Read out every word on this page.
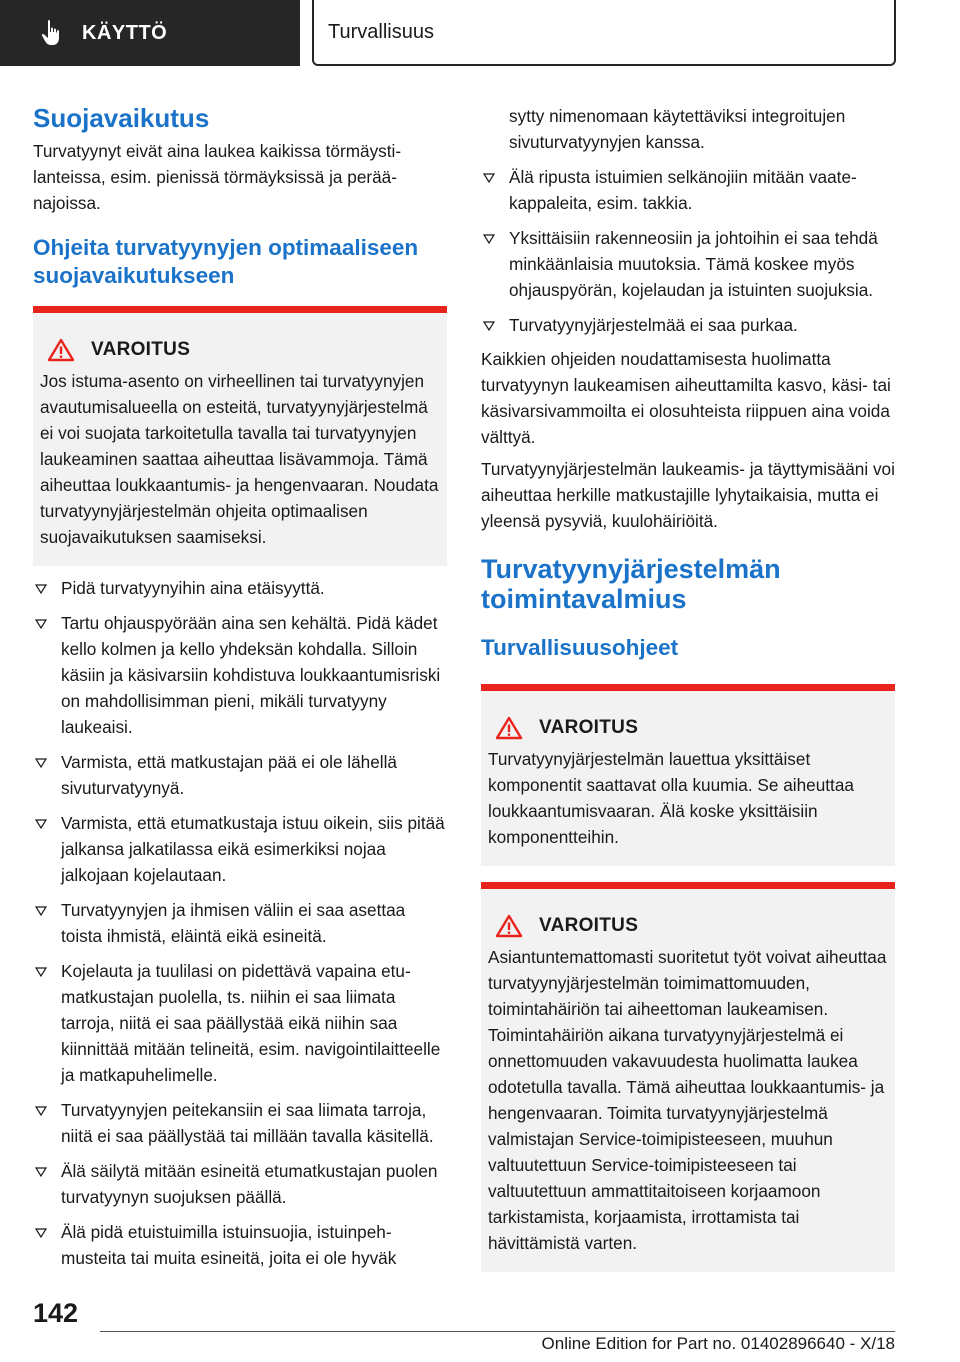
KÄYTTÖ	Turvallisuus
Suojavaikutus

Turvatyynyt eivät aina laukea kaikissa törmäystilanteissa, esim. pienissä törmäyksissä ja peräänajoissa.

Ohjeita turvatyynyjen optimaaliseen suojavaikutukseen
VAROITUS

Jos istuma-asento on virheellinen tai turvatyynyjen avautumisalueella on esteitä, turvatyynyjärjestelmä ei voi suojata tarkoitetulla tavalla tai turvatyynyjen laukeaminen saattaa aiheuttaa lisävammoja. Tämä aiheuttaa loukkaantumis- ja hengenvaaran. Noudata turvatyynyjärjestelmän ohjeita optimaalisen suojavaikutuksen saamiseksi.

Pidä turvatyynyihin aina etäisyyttä.
Tartu ohjauspyörään aina sen kehältä. Pidä kädet kello kolmen ja kello yhdeksän kohdalla. Silloin käsiin ja käsivarsiin kohdistuva loukkaantumisriski on mahdollisimman pieni, mikäli turvatyyny laukeaisi.
Varmista, että matkustajan pää ei ole lähellä sivuturvatyynyä.
Varmista, että etumatkustaja istuu oikein, siis pitää jalkansa jalkatilassa eikä esimerkiksi nojaa jalkojaan kojelautaan.
Turvatyynyjen ja ihmisen väliin ei saa asettaa toista ihmistä, eläintä eikä esineitä.
Kojelauta ja tuulilasi on pidettävä vapaina etumatkustajan puolella, ts. niihin ei saa liimata tarroja, niitä ei saa päällystää eikä niihin saa kiinnittää mitään telineitä, esim. navigointilaitteelle ja matkapuhelimelle.
Turvatyynyjen peitekansiin ei saa liimata tarroja, niitä ei saa päällystää tai millään tavalla käsitellä.
Älä säilytä mitään esineitä etumatkustajan puolen turvatyynyn suojuksen päällä.
Älä pidä etuistuimilla istuinsuojia, istuinpehmusteita tai muita esineitä, joita ei ole hyväk

sytty nimenomaan käytettäviksi integroitujen sivuturvatyynyjen kanssa.

Älä ripusta istuimien selkänojiin mitään vaatekappaleita, esim. takkia.
Yksittäisiin rakenneosiin ja johtoihin ei saa tehdä minkäänlaisia muutoksia. Tämä koskee myös ohjauspyörän, kojelaudan ja istuinten suojuksia.
Turvatyynyjärjestelmää ei saa purkaa.

Kaikkien ohjeiden noudattamisesta huolimatta turvatyynyn laukeamisen aiheuttamilta kasvo, käsi- tai käsivarsivammoilta ei olosuhteista riippuen aina voida välttyä.

Turvatyynyjärjestelmän laukeamis- ja täyttymisääni voi aiheuttaa herkille matkustajille lyhytaikaisia, mutta ei yleensä pysyviä, kuulohäiriöitä.

Turvatyynyjärjestelmän toimintavalmius
Turvallisuusohjeet
VAROITUS

Turvatyynyjärjestelmän lauettua yksittäiset komponentit saattavat olla kuumia. Se aiheuttaa loukkaantumisvaaran. Älä koske yksittäisiin komponentteihin.

VAROITUS

Asiantuntemattomasti suoritetut työt voivat aiheuttaa turvatyynyjärjestelmän toimimattomuuden, toimintahäiriön tai aiheettoman laukeamisen. Toimintahäiriön aikana turvatyynyjärjestelmä ei onnettomuuden vakavuudesta huolimatta laukea odotetulla tavalla. Tämä aiheuttaa loukkaantumis- ja hengenvaaran. Toimita turvatyynyjärjestelmä valmistajan Service-toimipisteeseen, muuhun valtuutettuun Service-toimipisteeseen tai valtuutettuun ammattitaitoiseen korjaamoon tarkistamista, korjaamista, irrottamista tai hävittämistä varten.

142
Online Edition for Part no. 01402896640 - X/18
